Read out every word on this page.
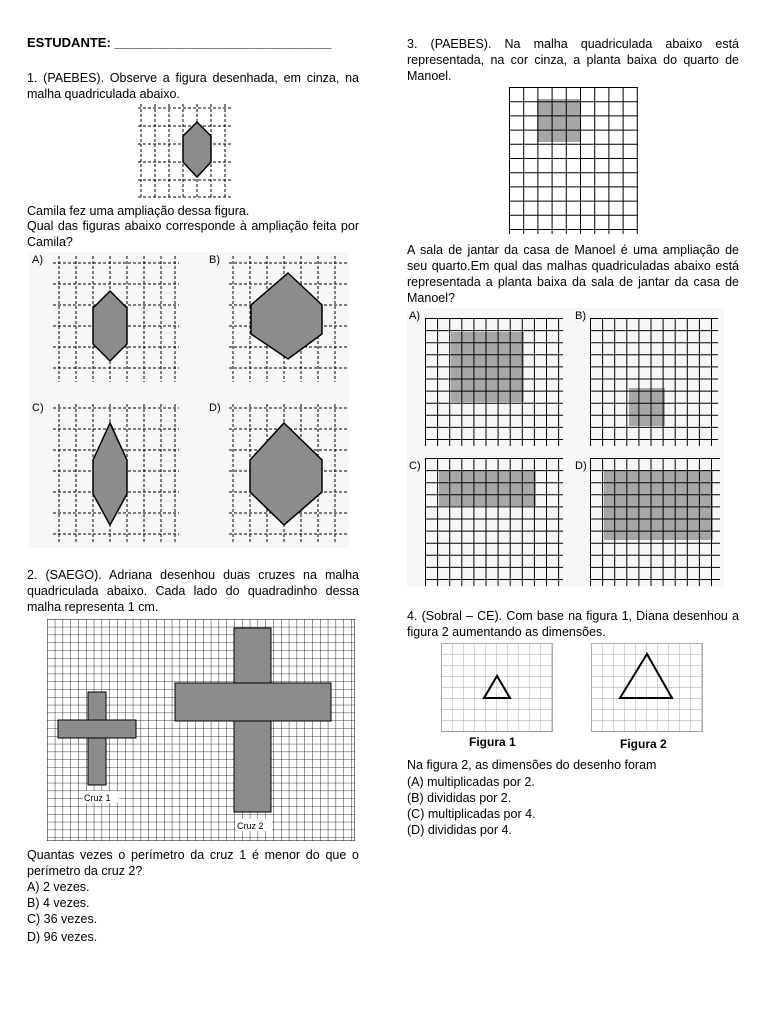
ESTUDANTE: ______________________________
1. (PAEBES). Observe a figura desenhada, em cinza, na malha quadriculada abaixo.
Camila fez uma ampliação dessa figura.
Qual das figuras abaixo corresponde à ampliação feita por Camila?
A)	B)
C)	D)
2. (SAEGO). Adriana desenhou duas cruzes na malha quadriculada abaixo. Cada lado do quadradinho dessa malha representa 1 cm.
Cruz 1
Cruz 2
Quantas vezes o perímetro da cruz 1 é menor do que o perímetro da cruz 2?
A) 2 vezes.
B) 4 vezes.
C) 36 vezes.
D) 96 vezes.
3. (PAEBES). Na malha quadriculada abaixo está representada, na cor cinza, a planta baixa do quarto de Manoel.
A sala de jantar da casa de Manoel é uma ampliação de seu quarto.Em qual das malhas quadriculadas abaixo está representada a planta baixa da sala de jantar da casa de Manoel?
A)	B)
C)	D)
4. (Sobral – CE). Com base na figura 1, Diana desenhou a figura 2 aumentando as dimensões.
Figura 1	Figura 2
Na figura 2, as dimensões do desenho foram
(A) multiplicadas por 2.
(B) divididas por 2.
(C) multiplicadas por 4.
(D) divididas por 4.
